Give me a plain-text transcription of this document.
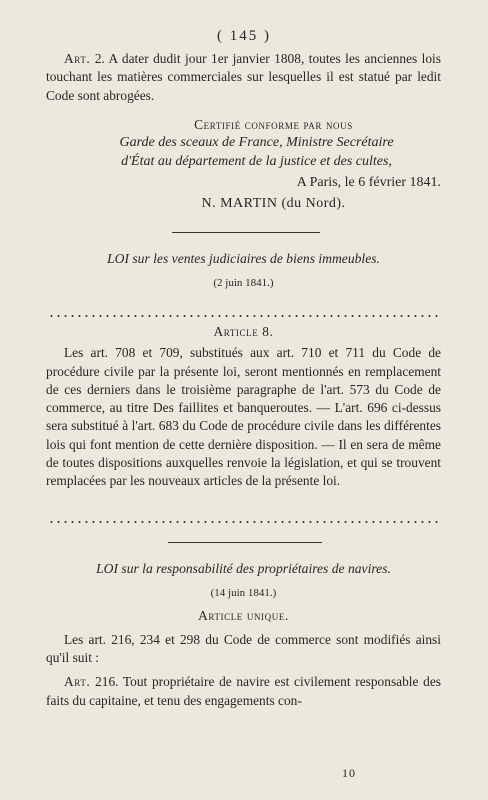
( 145 )

Art. 2. A dater dudit jour 1er janvier 1808, toutes les anciennes lois touchant les matières commerciales sur lesquelles il est statué par ledit Code sont abrogées.

Certifié conforme par nous

Garde des sceaux de France, Ministre Secrétaire

d'État au département de la justice et des cultes,

A Paris, le 6 février 1841.

N. MARTIN (du Nord).

LOI sur les ventes judiciaires de biens immeubles.

(2 juin 1841.)

Article 8.

Les art. 708 et 709, substitués aux art. 710 et 711 du Code de procédure civile par la présente loi, seront mentionnés en remplacement de ces derniers dans le troisième paragraphe de l'art. 573 du Code de commerce, au titre Des faillites et banqueroutes. — L'art. 696 ci-dessus sera substitué à l'art. 683 du Code de procédure civile dans les différentes lois qui font mention de cette dernière disposition. — Il en sera de même de toutes dispositions auxquelles renvoie la législation, et qui se trouvent remplacées par les nouveaux articles de la présente loi.

LOI sur la responsabilité des propriétaires de navires.

(14 juin 1841.)

Article unique.

Les art. 216, 234 et 298 du Code de commerce sont modifiés ainsi qu'il suit :

Art. 216. Tout propriétaire de navire est civilement responsable des faits du capitaine, et tenu des engagements con-

10
